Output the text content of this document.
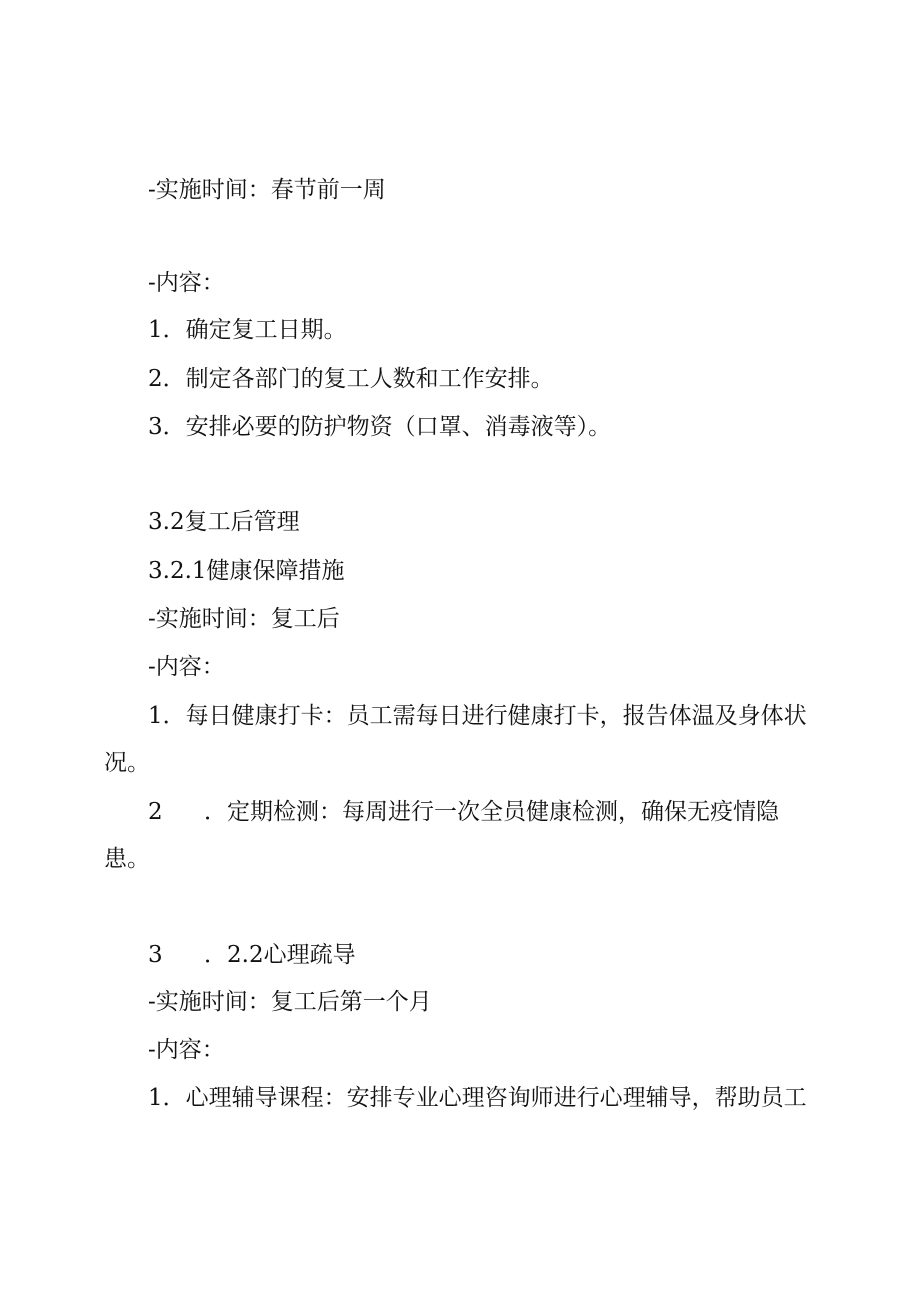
-实施时间：春节前一周
-内容：
1．确定复工日期。
2．制定各部门的复工人数和工作安排。
3．安排必要的防护物资（口罩、消毒液等）。
3.2复工后管理
3.2.1健康保障措施
-实施时间：复工后
-内容：
1．每日健康打卡：员工需每日进行健康打卡，报告体温及身体状
况。
2 ．定期检测：每周进行一次全员健康检测，确保无疫情隐
患。
3 ．2.2心理疏导
-实施时间：复工后第一个月
-内容：
1．心理辅导课程：安排专业心理咨询师进行心理辅导，帮助员工
